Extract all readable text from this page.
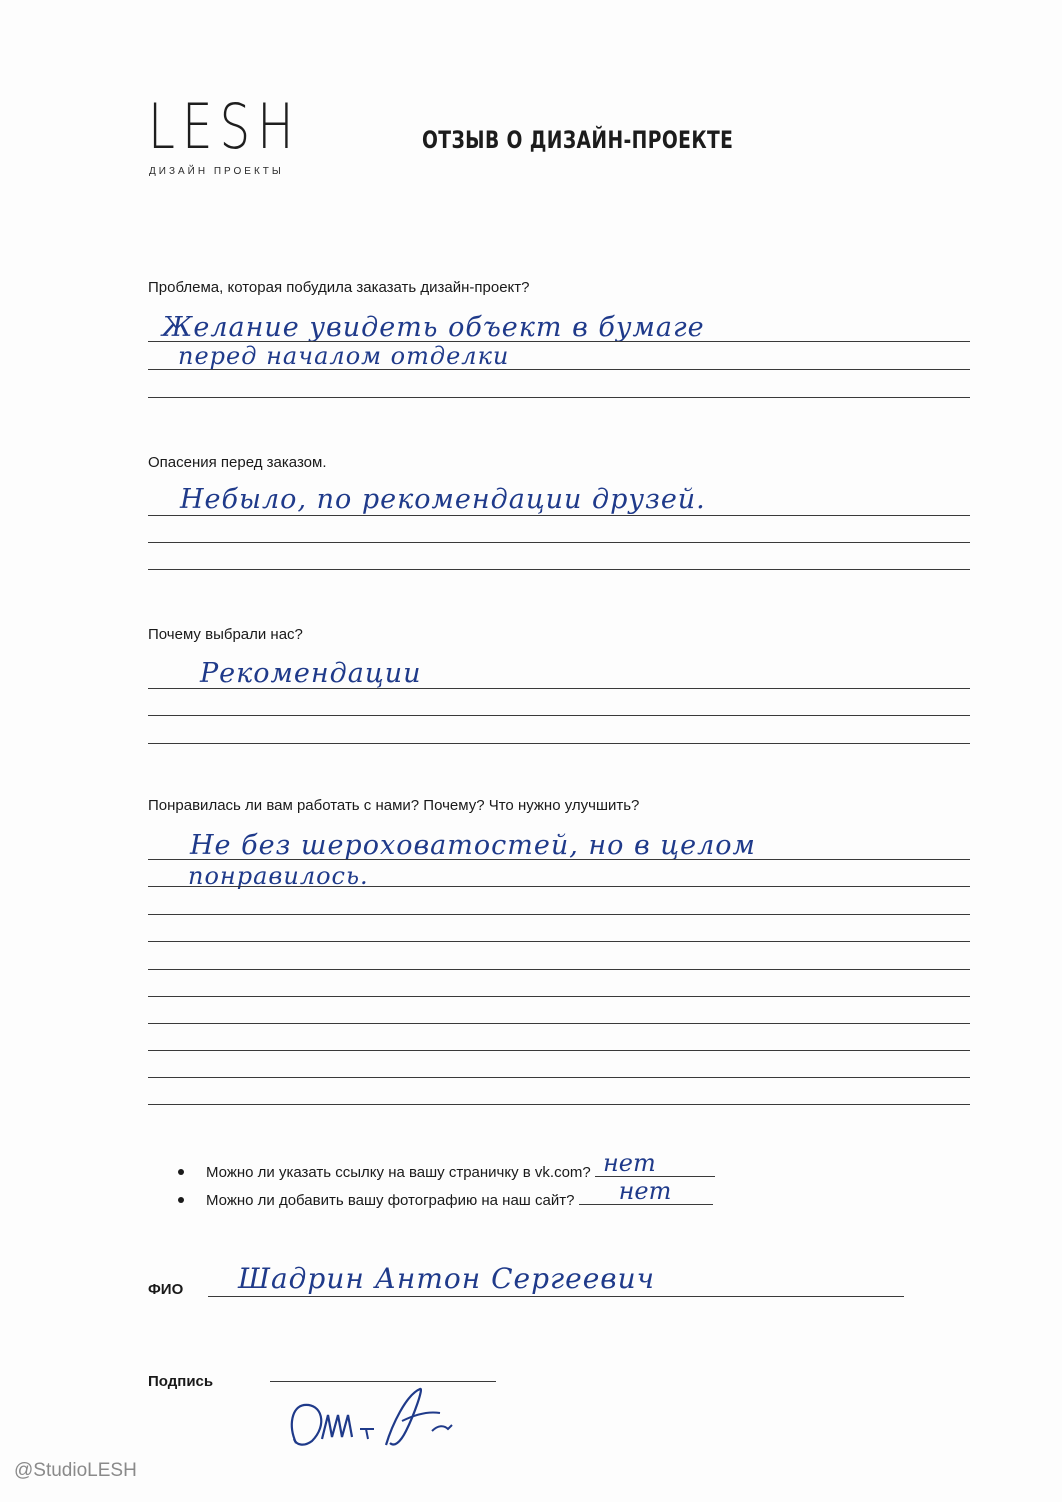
LESH
ДИЗАЙН ПРОЕКТЫ
ОТЗЫВ О ДИЗАЙН-ПРОЕКТЕ
Проблема, которая побудила заказать дизайн-проект?
Желание увидеть объект в бумаге
перед началом отделки
Опасения перед заказом.
Небыло, по рекомендации друзей.
Почему выбрали нас?
Рекомендации
Понравилась ли вам работать с нами? Почему? Что нужно улучшить?
Не без шероховатостей, но в целом
понравилось.
Можно ли указать ссылку на вашу страничку в vk.com? нет
Можно ли добавить вашу фотографию на наш сайт? нет
ФИО Шадрин Антон Сергеевич
Подпись
@StudioLESH
